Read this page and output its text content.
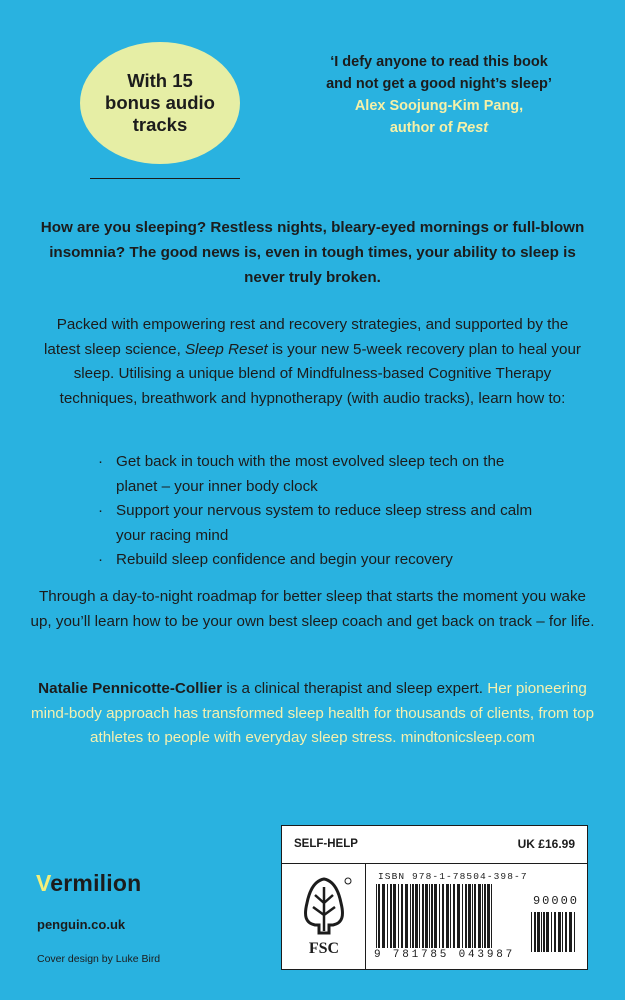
With 15 bonus audio tracks
‘I defy anyone to read this book and not get a good night’s sleep’
Alex Soojung-Kim Pang,
author of Rest
How are you sleeping? Restless nights, bleary-eyed mornings or full-blown insomnia? The good news is, even in tough times, your ability to sleep is never truly broken.
Packed with empowering rest and recovery strategies, and supported by the latest sleep science, Sleep Reset is your new 5-week recovery plan to heal your sleep. Utilising a unique blend of Mindfulness-based Cognitive Therapy techniques, breathwork and hypnotherapy (with audio tracks), learn how to:
· Get back in touch with the most evolved sleep tech on the planet – your inner body clock
· Support your nervous system to reduce sleep stress and calm your racing mind
· Rebuild sleep confidence and begin your recovery
Through a day-to-night roadmap for better sleep that starts the moment you wake up, you’ll learn how to be your own best sleep coach and get back on track – for life.
Natalie Pennicotte-Collier is a clinical therapist and sleep expert. Her pioneering mind-body approach has transformed sleep health for thousands of clients, from top athletes to people with everyday sleep stress. mindtonicsleep.com
Vermilion
penguin.co.uk
Cover design by Luke Bird
SELF-HELP	UK £16.99
FSC
ISBN 978-1-78504-398-7
90000
9 781785 043987
